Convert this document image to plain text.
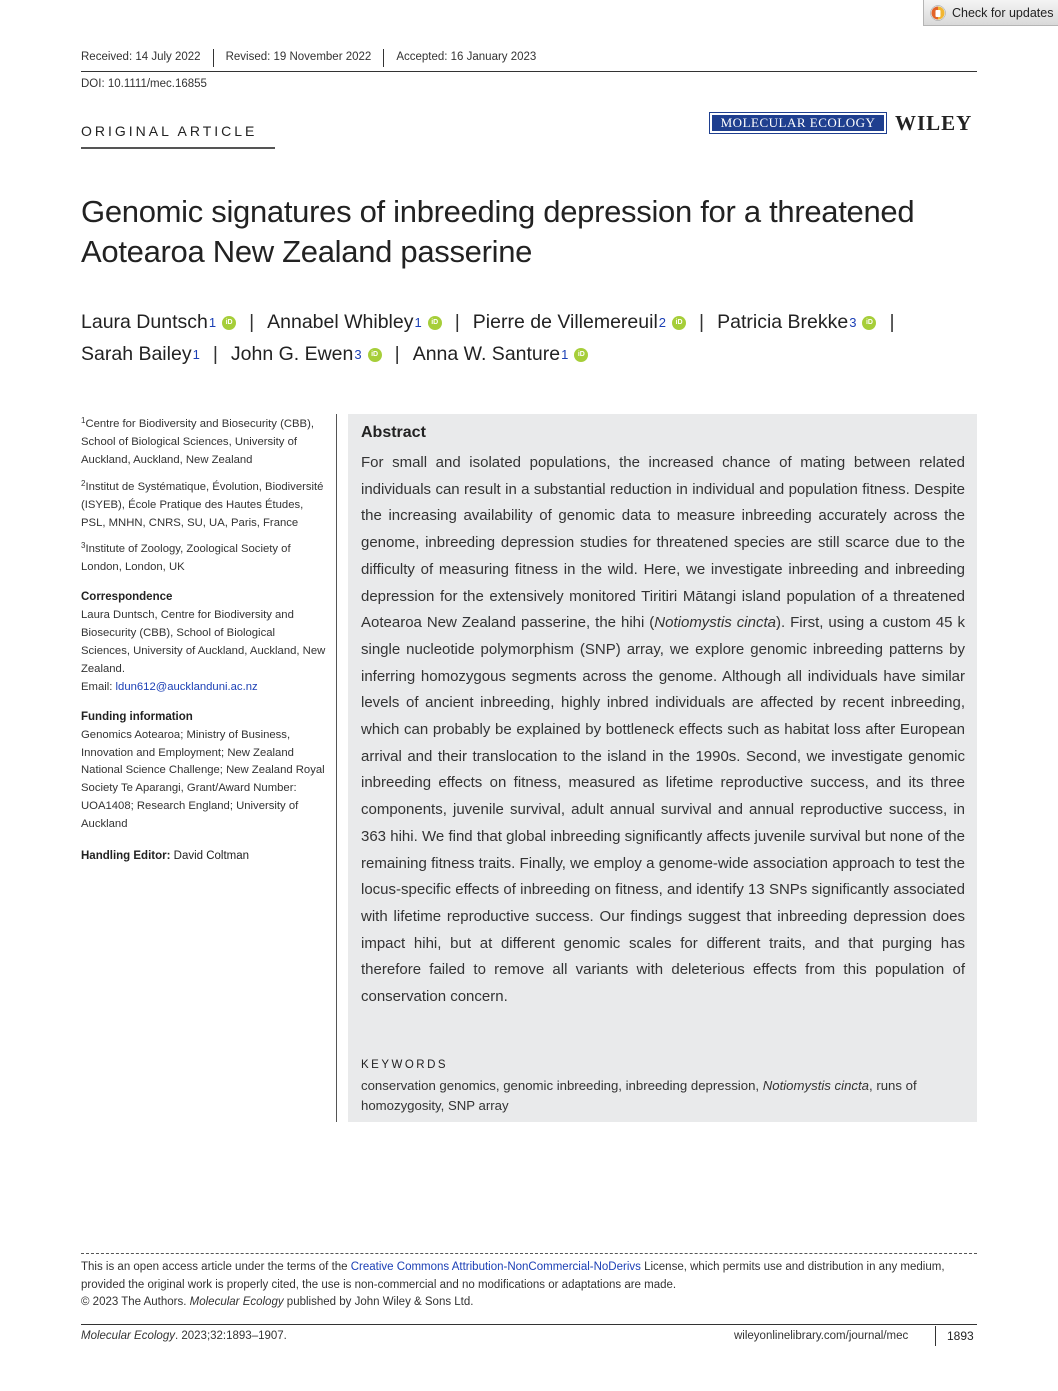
Check for updates
Received: 14 July 2022 Revised: 19 November 2022 Accepted: 16 January 2023
DOI: 10.1111/mec.16855
ORIGINAL ARTICLE
MOLECULAR ECOLOGY WILEY
Genomic signatures of inbreeding depression for a threatened
Aotearoa New Zealand passerine
Laura Duntsch 1	iD | Annabel Whibley 1	iD | Pierre de Villemereuil 2	iD | Patricia Brekke 3	iD |
Sarah Bailey 1 | John G. Ewen 3	iD | Anna W. Santure 1	iD
$^1$Centre for Biodiversity and Biosecurity (CBB), School of Biological Sciences, University of Auckland, Auckland, New Zealand
$^2$Institut de Systématique, Évolution, Biodiversité (ISYEB), École Pratique des Hautes Études, PSL, MNHN, CNRS, SU, UA, Paris, France
$^3$Institute of Zoology, Zoological Society of London, London, UK
Correspondence
Laura Duntsch, Centre for Biodiversity and Biosecurity (CBB), School of Biological Sciences, University of Auckland, Auckland, New Zealand.
Email: ldun612@aucklanduni.ac.nz
Funding information
Genomics Aotearoa; Ministry of Business, Innovation and Employment; New Zealand National Science Challenge; New Zealand Royal Society Te Aparangi, Grant/Award Number: UOA1408; Research England; University of Auckland
Handling Editor: David Coltman
Abstract
For small and isolated populations, the increased chance of mating between related individuals can result in a substantial reduction in individual and population fitness. Despite the increasing availability of genomic data to measure inbreeding accurately across the genome, inbreeding depression studies for threatened species are still scarce due to the difficulty of measuring fitness in the wild. Here, we investigate inbreeding and inbreeding depression for the extensively monitored Tiritiri Mātangi island population of a threatened Aotearoa New Zealand passerine, the hihi (Notiomystis cincta). First, using a custom 45 k single nucleotide polymorphism (SNP) array, we explore genomic inbreeding patterns by inferring homozygous segments across the genome. Although all individuals have similar levels of ancient inbreeding, highly inbred individuals are affected by recent inbreeding, which can probably be explained by bottleneck effects such as habitat loss after European arrival and their translocation to the island in the 1990s. Second, we investigate genomic inbreeding effects on fitness, measured as lifetime reproductive success, and its three components, juvenile survival, adult annual survival and annual reproductive success, in 363 hihi. We find that global inbreeding significantly affects juvenile survival but none of the remaining fitness traits. Finally, we employ a genome-wide association approach to test the locus-specific effects of inbreeding on fitness, and identify 13 SNPs significantly associated with lifetime reproductive success. Our findings suggest that inbreeding depression does impact hihi, but at different genomic scales for different traits, and that purging has therefore failed to remove all variants with deleterious effects from this population of conservation concern.
KEYWORDS
conservation genomics, genomic inbreeding, inbreeding depression, Notiomystis cincta, runs of homozygosity, SNP array
This is an open access article under the terms of the Creative Commons Attribution-NonCommercial-NoDerivs License, which permits use and distribution in any medium, provided the original work is properly cited, the use is non-commercial and no modifications or adaptations are made.
© 2023 The Authors. Molecular Ecology published by John Wiley & Sons Ltd.
Molecular Ecology. 2023;32:1893–1907.	wileyonlinelibrary.com/journal/mec	1893
